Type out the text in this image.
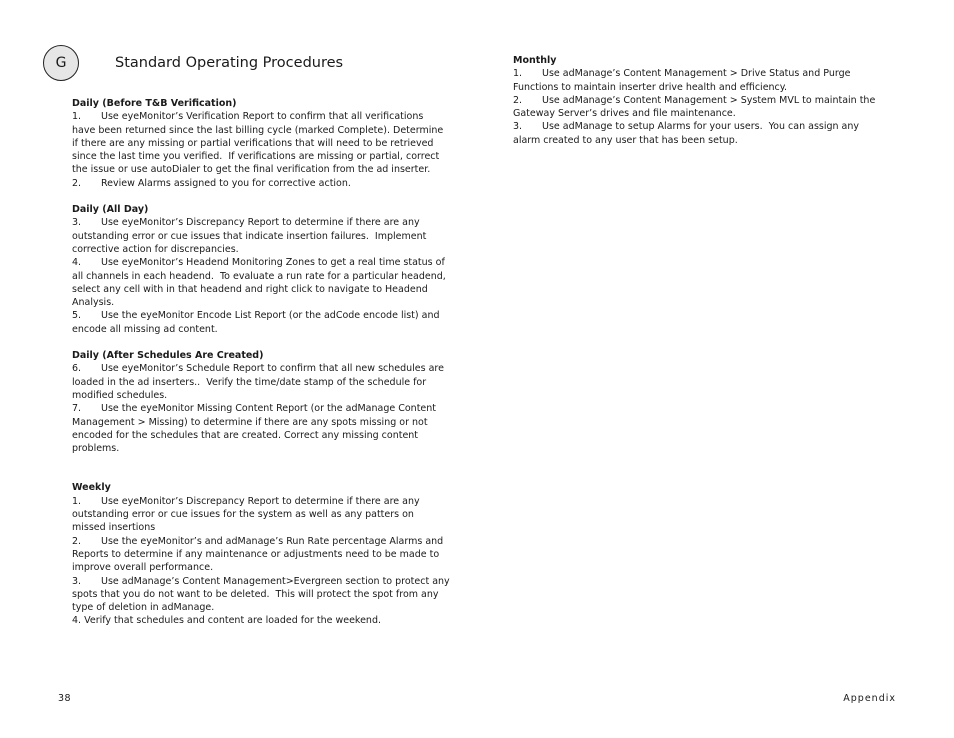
G	Standard Operating Procedures
Daily (Before T&B Verification)
1. Use eyeMonitor’s Verification Report to confirm that all verifications
have been returned since the last billing cycle (marked Complete). Determine
if there are any missing or partial verifications that will need to be retrieved
since the last time you verified.  If verifications are missing or partial, correct
the issue or use autoDialer to get the final verification from the ad inserter.
2. Review Alarms assigned to you for corrective action.
Daily (All Day)
3. Use eyeMonitor’s Discrepancy Report to determine if there are any
outstanding error or cue issues that indicate insertion failures.  Implement
corrective action for discrepancies.
4. Use eyeMonitor’s Headend Monitoring Zones to get a real time status of
all channels in each headend.  To evaluate a run rate for a particular headend,
select any cell with in that headend and right click to navigate to Headend
Analysis.
5. Use the eyeMonitor Encode List Report (or the adCode encode list) and
encode all missing ad content.
Daily (After Schedules Are Created)
6. Use eyeMonitor’s Schedule Report to confirm that all new schedules are
loaded in the ad inserters..  Verify the time/date stamp of the schedule for
modified schedules.
7. Use the eyeMonitor Missing Content Report (or the adManage Content
Management > Missing) to determine if there are any spots missing or not
encoded for the schedules that are created. Correct any missing content
problems.
Weekly
1. Use eyeMonitor’s Discrepancy Report to determine if there are any
outstanding error or cue issues for the system as well as any patters on
missed insertions
2. Use the eyeMonitor’s and adManage’s Run Rate percentage Alarms and
Reports to determine if any maintenance or adjustments need to be made to
improve overall performance.
3. Use adManage’s Content Management>Evergreen section to protect any
spots that you do not want to be deleted.  This will protect the spot from any
type of deletion in adManage.
4. Verify that schedules and content are loaded for the weekend.
Monthly
1. Use adManage’s Content Management > Drive Status and Purge
Functions to maintain inserter drive health and efficiency.
2. Use adManage’s Content Management > System MVL to maintain the
Gateway Server’s drives and file maintenance.
3. Use adManage to setup Alarms for your users.  You can assign any
alarm created to any user that has been setup.
38	Appendix
